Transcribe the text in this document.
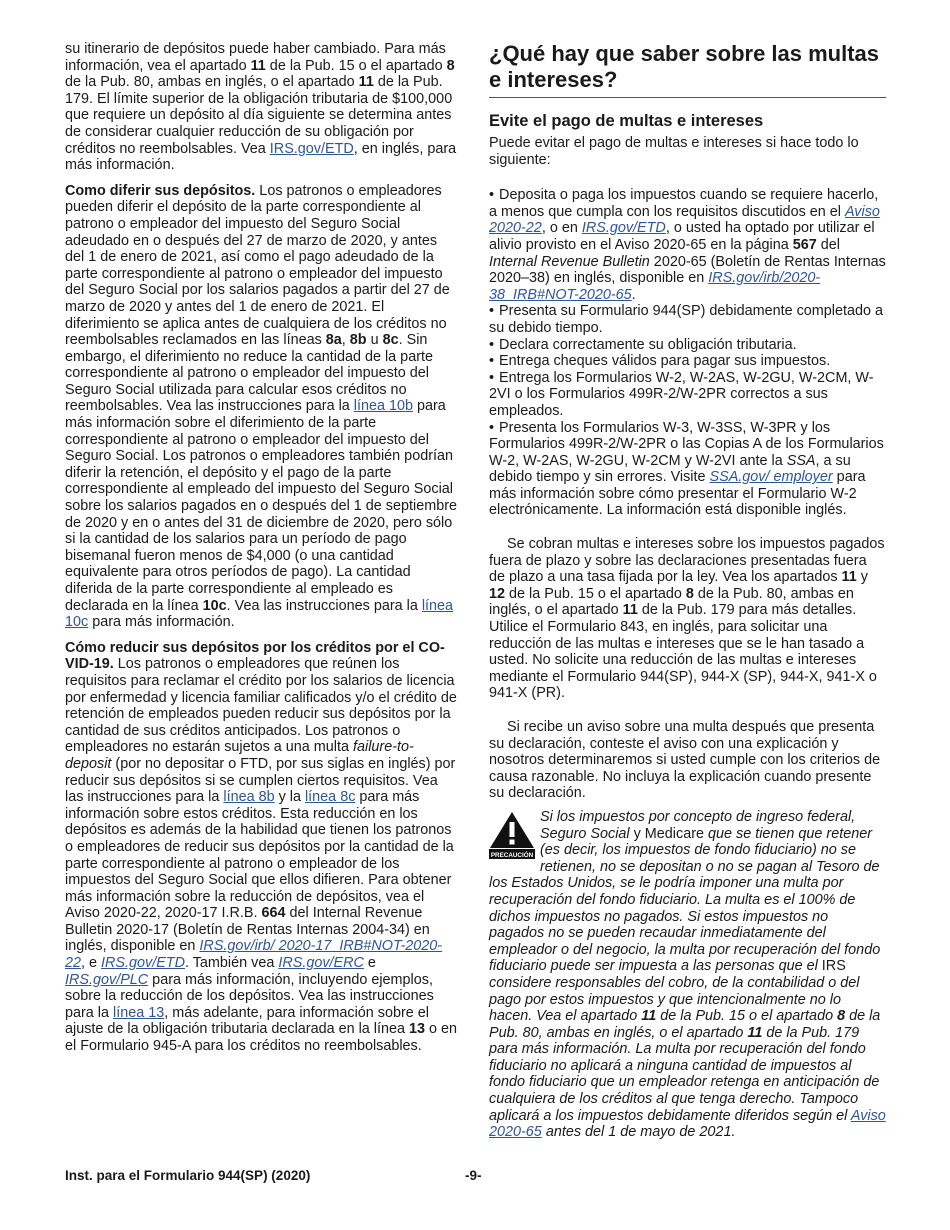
su itinerario de depósitos puede haber cambiado. Para más información, vea el apartado 11 de la Pub. 15 o el apartado 8 de la Pub. 80, ambas en inglés, o el apartado 11 de la Pub. 179. El límite superior de la obligación tributaria de $100,000 que requiere un depósito al día siguiente se determina antes de considerar cualquier reducción de su obligación por créditos no reembolsables. Vea IRS.gov/ETD, en inglés, para más información.

Como diferir sus depósitos. Los patronos o empleadores pueden diferir el depósito de la parte correspondiente al patrono o empleador del impuesto del Seguro Social adeudado en o después del 27 de marzo de 2020, y antes del 1 de enero de 2021, así como el pago adeudado de la parte correspondiente al patrono o empleador del impuesto del Seguro Social por los salarios pagados a partir del 27 de marzo de 2020 y antes del 1 de enero de 2021. El diferimiento se aplica antes de cualquiera de los créditos no reembolsables reclamados en las líneas 8a, 8b u 8c. Sin embargo, el diferimiento no reduce la cantidad de la parte correspondiente al patrono o empleador del impuesto del Seguro Social utilizada para calcular esos créditos no reembolsables. Vea las instrucciones para la línea 10b para más información sobre el diferimiento de la parte correspondiente al patrono o empleador del impuesto del Seguro Social. Los patronos o empleadores también podrían diferir la retención, el depósito y el pago de la parte correspondiente al empleado del impuesto del Seguro Social sobre los salarios pagados en o después del 1 de septiembre de 2020 y en o antes del 31 de diciembre de 2020, pero sólo si la cantidad de los salarios para un período de pago bisemanal fueron menos de $4,000 (o una cantidad equivalente para otros períodos de pago). La cantidad diferida de la parte correspondiente al empleado es declarada en la línea 10c. Vea las instrucciones para la línea 10c para más información.

Cómo reducir sus depósitos por los créditos por el CO-VID-19. Los patronos o empleadores que reúnen los requisitos para reclamar el crédito por los salarios de licencia por enfermedad y licencia familiar calificados y/o el crédito de retención de empleados pueden reducir sus depósitos por la cantidad de sus créditos anticipados. Los patronos o empleadores no estarán sujetos a una multa failure-to-deposit (por no depositar o FTD, por sus siglas en inglés) por reducir sus depósitos si se cumplen ciertos requisitos. Vea las instrucciones para la línea 8b y la línea 8c para más información sobre estos créditos. Esta reducción en los depósitos es además de la habilidad que tienen los patronos o empleadores de reducir sus depósitos por la cantidad de la parte correspondiente al patrono o empleador de los impuestos del Seguro Social que ellos difieren. Para obtener más información sobre la reducción de depósitos, vea el Aviso 2020-22, 2020-17 I.R.B. 664 del Internal Revenue Bulletin 2020-17 (Boletín de Rentas Internas 2004-34) en inglés, disponible en IRS.gov/irb/ 2020-17_IRB#NOT-2020-22, e IRS.gov/ETD. También vea IRS.gov/ERC e IRS.gov/PLC para más información, incluyendo ejemplos, sobre la reducción de los depósitos. Vea las instrucciones para la línea 13, más adelante, para información sobre el ajuste de la obligación tributaria declarada en la línea 13 o en el Formulario 945-A para los créditos no reembolsables.

¿Qué hay que saber sobre las multas e intereses?
Evite el pago de multas e intereses

Puede evitar el pago de multas e intereses si hace todo lo siguiente:

• Deposita o paga los impuestos cuando se requiere hacerlo, a menos que cumpla con los requisitos discutidos en el Aviso 2020-22, o en IRS.gov/ETD, o usted ha optado por utilizar el alivio provisto en el Aviso 2020-65 en la página 567 del Internal Revenue Bulletin 2020-65 (Boletín de Rentas Internas 2020–38) en inglés, disponible en IRS.gov/irb/2020-38_IRB#NOT-2020-65.

• Presenta su Formulario 944(SP) debidamente completado a su debido tiempo.

• Declara correctamente su obligación tributaria.

• Entrega cheques válidos para pagar sus impuestos.

• Entrega los Formularios W-2, W-2AS, W-2GU, W-2CM, W-2VI o los Formularios 499R-2/W-2PR correctos a sus empleados.

• Presenta los Formularios W-3, W-3SS, W-3PR y los Formularios 499R-2/W-2PR o las Copias A de los Formularios W-2, W-2AS, W-2GU, W-2CM y W-2VI ante la SSA, a su debido tiempo y sin errores. Visite SSA.gov/ employer para más información sobre cómo presentar el Formulario W-2 electrónicamente. La información está disponible inglés.

Se cobran multas e intereses sobre los impuestos pagados fuera de plazo y sobre las declaraciones presentadas fuera de plazo a una tasa fijada por la ley. Vea los apartados 11 y 12 de la Pub. 15 o el apartado 8 de la Pub. 80, ambas en inglés, o el apartado 11 de la Pub. 179 para más detalles. Utilice el Formulario 843, en inglés, para solicitar una reducción de las multas e intereses que se le han tasado a usted. No solicite una reducción de las multas e intereses mediante el Formulario 944(SP), 944-X (SP), 944-X, 941-X o 941-X (PR).

Si recibe un aviso sobre una multa después que presenta su declaración, conteste el aviso con una explicación y nosotros determinaremos si usted cumple con los criterios de causa razonable. No incluya la explicación cuando presente su declaración.

PRECAUCIÓN

Si los impuestos por concepto de ingreso federal, Seguro Social y Medicare que se tienen que retener (es decir, los impuestos de fondo fiduciario) no se retienen, no se depositan o no se pagan al Tesoro de los Estados Unidos, se le podría imponer una multa por recuperación del fondo fiduciario. La multa es el 100% de dichos impuestos no pagados. Si estos impuestos no pagados no se pueden recaudar inmediatamente del empleador o del negocio, la multa por recuperación del fondo fiduciario puede ser impuesta a las personas que el IRS considere responsables del cobro, de la contabilidad o del pago por estos impuestos y que intencionalmente no lo hacen. Vea el apartado 11 de la Pub. 15 o el apartado 8 de la Pub. 80, ambas en inglés, o el apartado 11 de la Pub. 179 para más información. La multa por recuperación del fondo fiduciario no aplicará a ninguna cantidad de impuestos al fondo fiduciario que un empleador retenga en anticipación de cualquiera de los créditos al que tenga derecho. Tampoco aplicará a los impuestos debidamente diferidos según el Aviso 2020-65 antes del 1 de mayo de 2021.

Inst. para el Formulario 944(SP) (2020)	-9-
